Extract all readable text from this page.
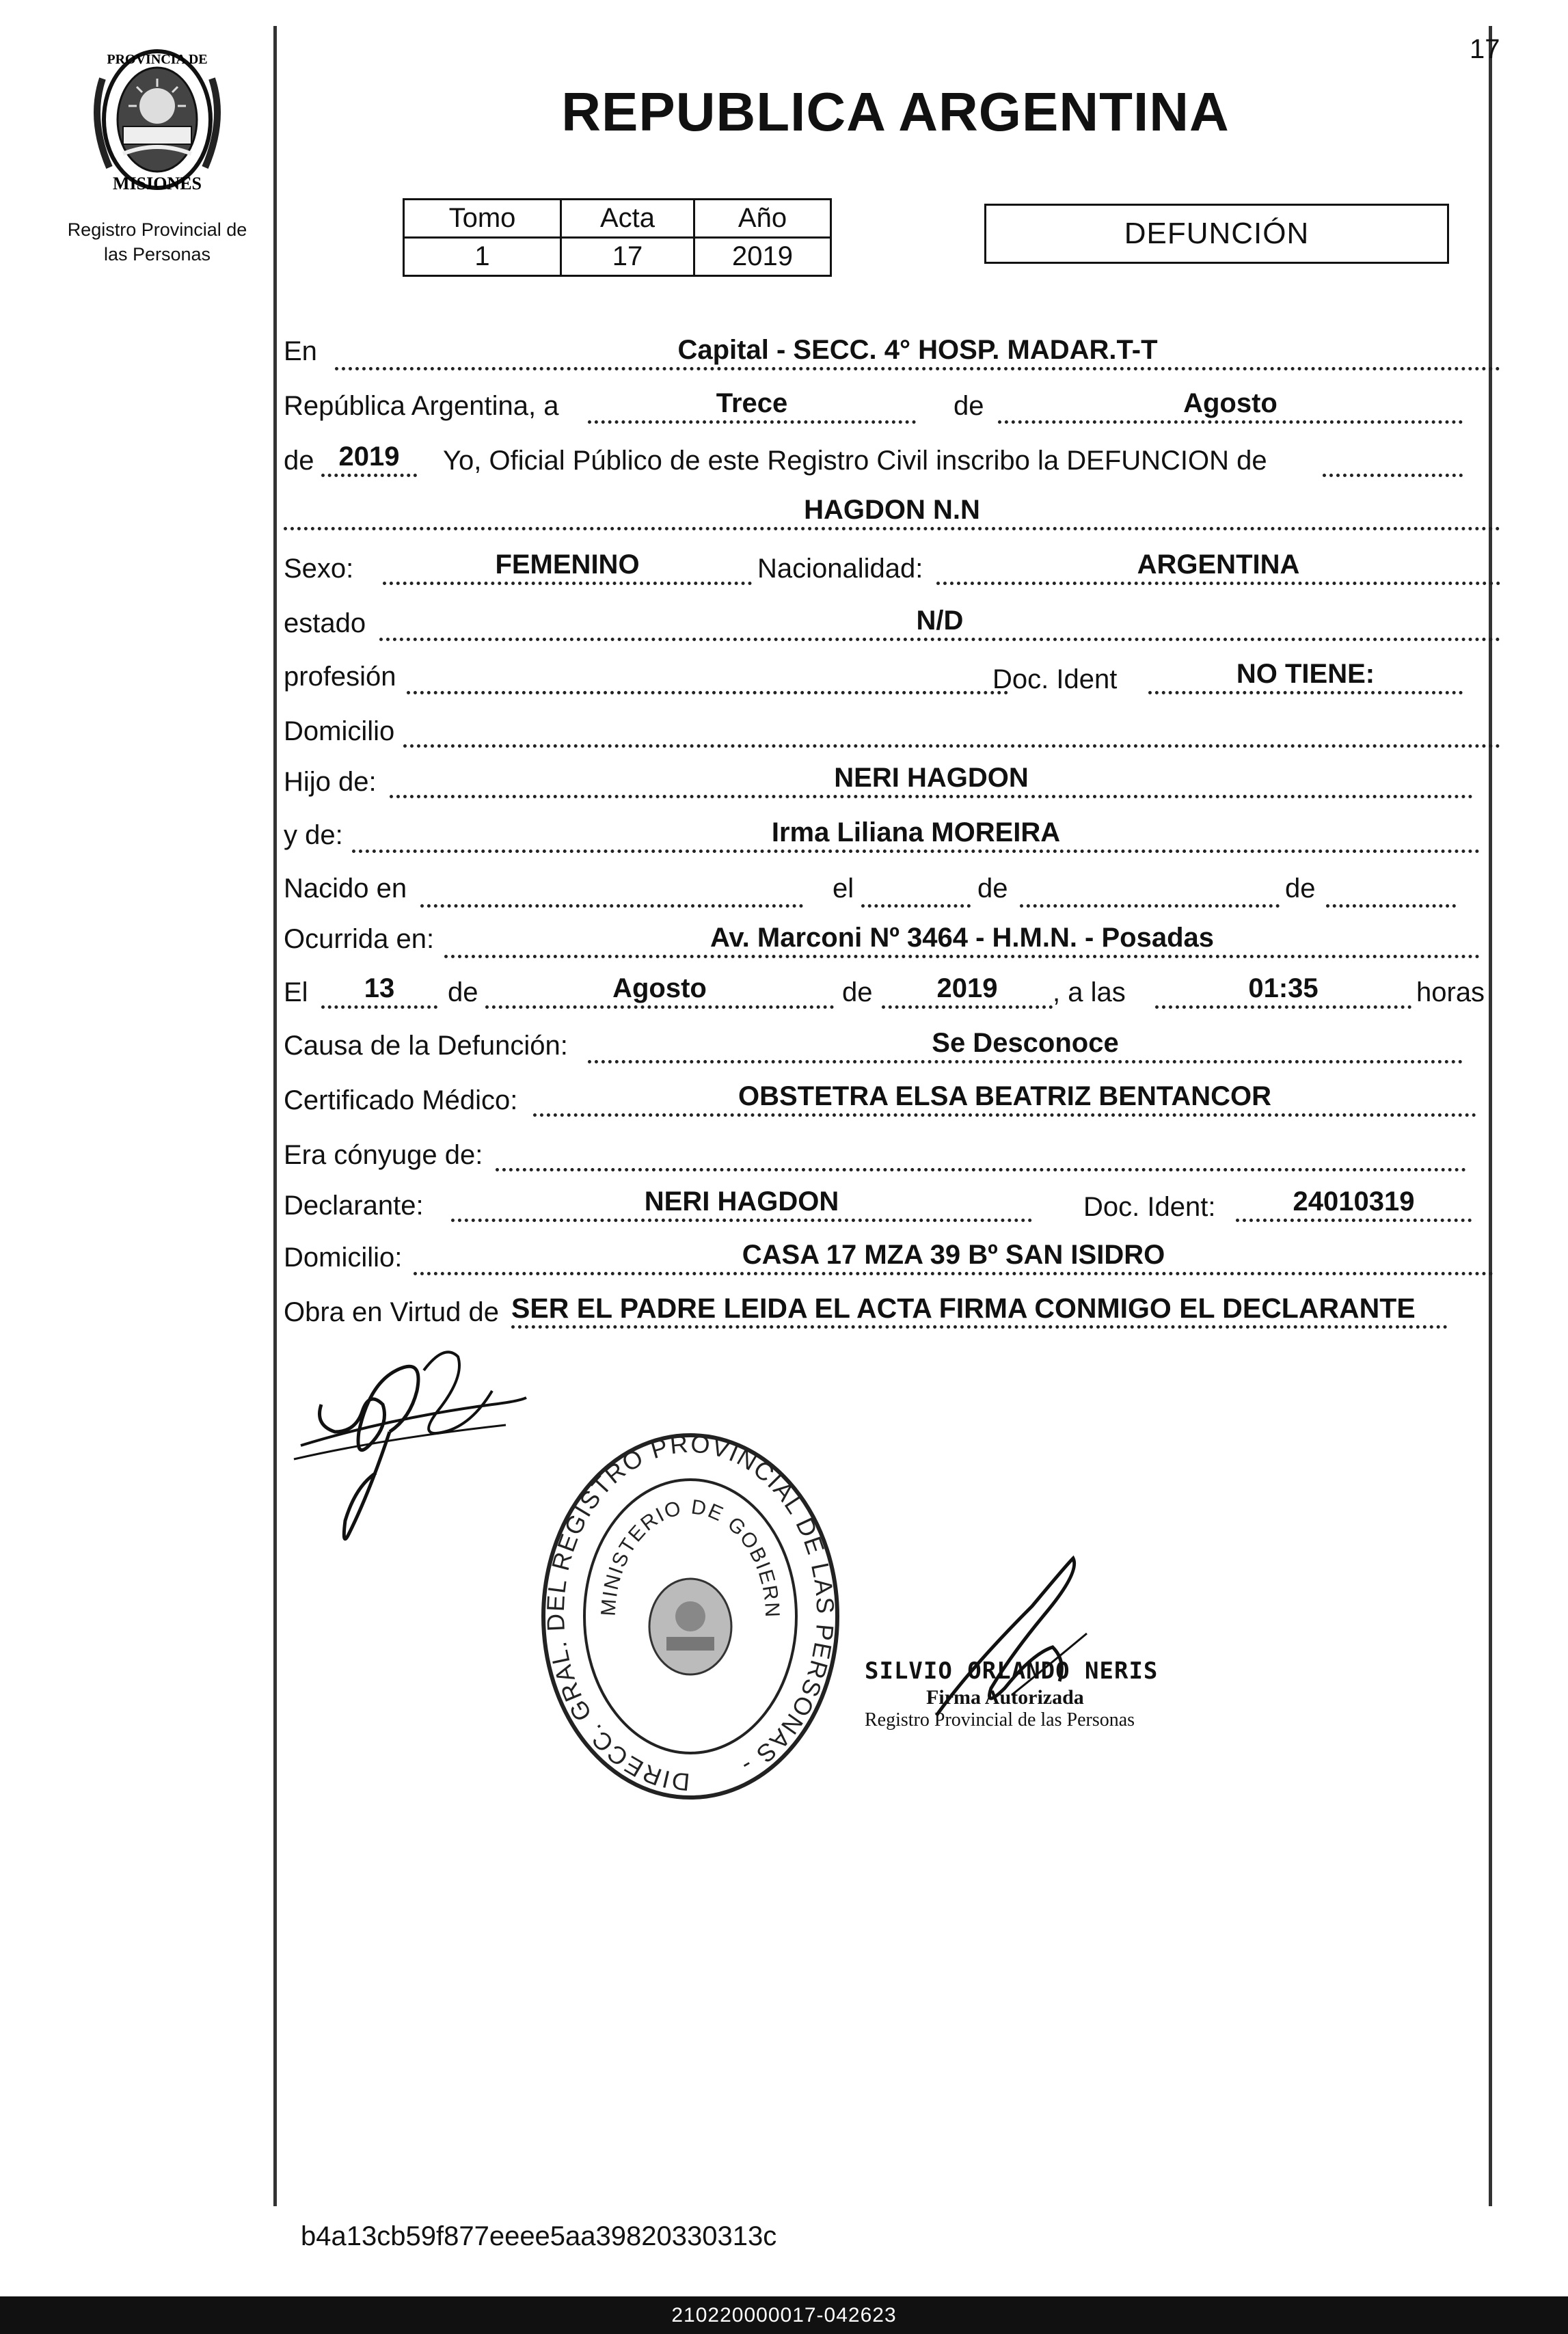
17
PROVINCIA DE
MISIONES
Registro Provincial de
las Personas
REPUBLICA ARGENTINA
Tomo	Acta	Año
1	17	2019
DEFUNCIÓN
En	Capital - SECC. 4° HOSP. MADAR.T-T
República Argentina, a	Trece	de	Agosto
de 2019	Yo, Oficial Público de este Registro Civil inscribo la DEFUNCION de
HAGDON N.N
Sexo:	FEMENINO	Nacionalidad:	ARGENTINA
estado	N/D
profesión	Doc. Ident	NO TIENE:
Domicilio
Hijo de:	NERI HAGDON
y de:	Irma Liliana MOREIRA
Nacido en	el	de	de
Ocurrida en:	Av. Marconi Nº 3464 - H.M.N. - Posadas
El	13	de	Agosto	de	2019	, a las	01:35	horas
Causa de la Defunción:	Se Desconoce
Certificado Médico:	OBSTETRA ELSA BEATRIZ BENTANCOR
Era cónyuge de:
Declarante:	NERI HAGDON	Doc. Ident:	24010319
Domicilio:	CASA 17 MZA 39 Bº SAN ISIDRO
Obra en Virtud de SER EL PADRE LEIDA EL ACTA FIRMA CONMIGO EL DECLARANTE
DIRECC. GRAL. DEL REGISTRO PROVINCIAL DE LAS PERSONAS -
MINISTERIO DE GOBIERN
SILVIO ORLANDO NERIS
Firma Autorizada
Registro Provincial de las Personas
b4a13cb59f877eeee5aa39820330313c
210220000017-042623
